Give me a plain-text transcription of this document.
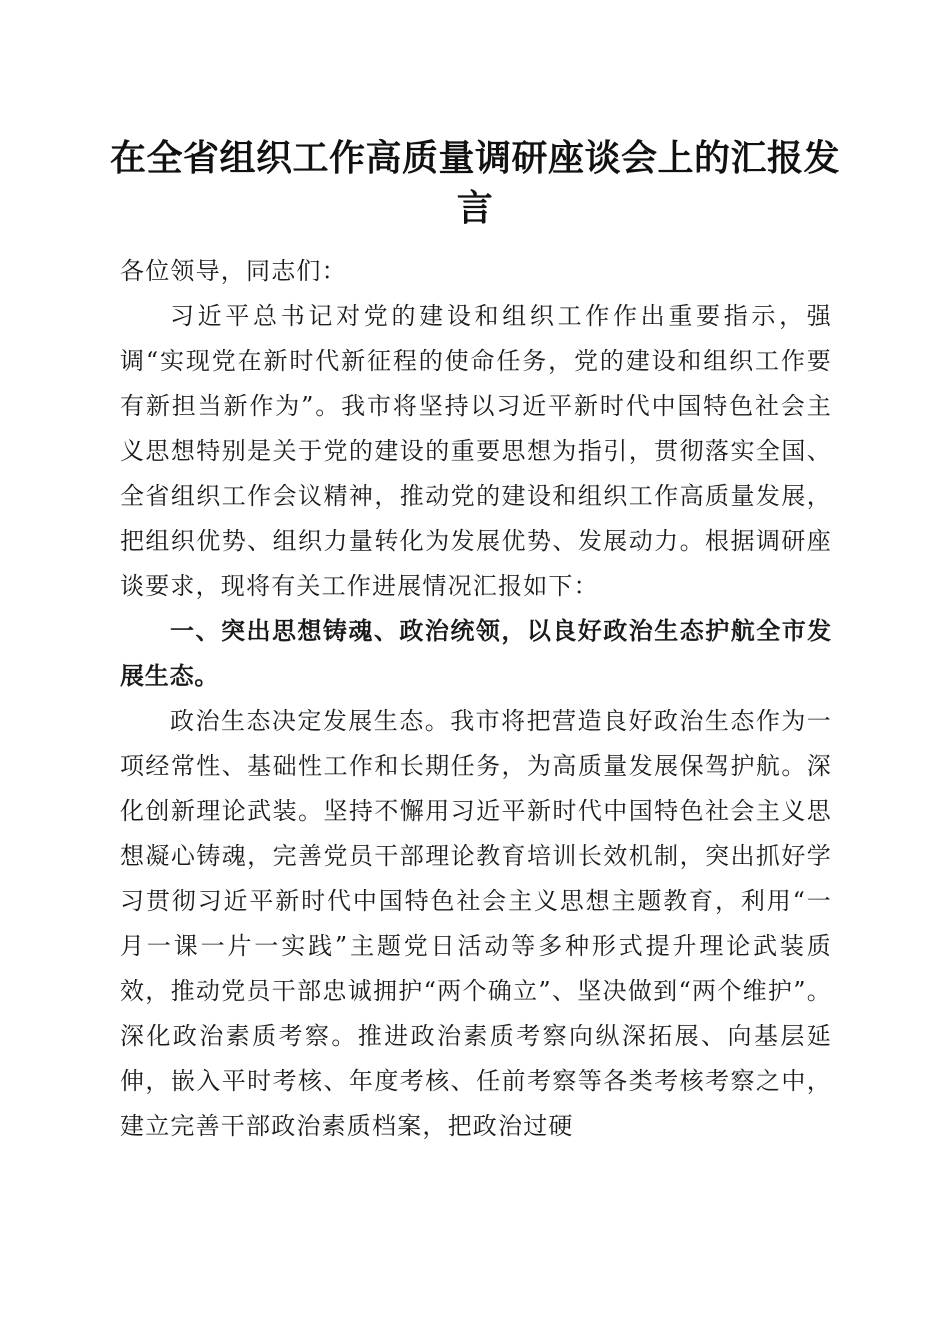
在全省组织工作高质量调研座谈会上的汇报发言

各位领导，同志们：

习近平总书记对党的建设和组织工作作出重要指示，强调“实现党在新时代新征程的使命任务，党的建设和组织工作要有新担当新作为”。我市将坚持以习近平新时代中国特色社会主义思想特别是关于党的建设的重要思想为指引，贯彻落实全国、全省组织工作会议精神，推动党的建设和组织工作高质量发展，把组织优势、组织力量转化为发展优势、发展动力。根据调研座谈要求，现将有关工作进展情况汇报如下：

一、突出思想铸魂、政治统领，以良好政治生态护航全市发展生态。

政治生态决定发展生态。我市将把营造良好政治生态作为一项经常性、基础性工作和长期任务，为高质量发展保驾护航。深化创新理论武装。坚持不懈用习近平新时代中国特色社会主义思想凝心铸魂，完善党员干部理论教育培训长效机制，突出抓好学习贯彻习近平新时代中国特色社会主义思想主题教育，利用“一月一课一片一实践”主题党日活动等多种形式提升理论武装质效，推动党员干部忠诚拥护“两个确立”、坚决做到“两个维护”。深化政治素质考察。推进政治素质考察向纵深拓展、向基层延伸，嵌入平时考核、年度考核、任前考察等各类考核考察之中，建立完善干部政治素质档案，把政治过硬
